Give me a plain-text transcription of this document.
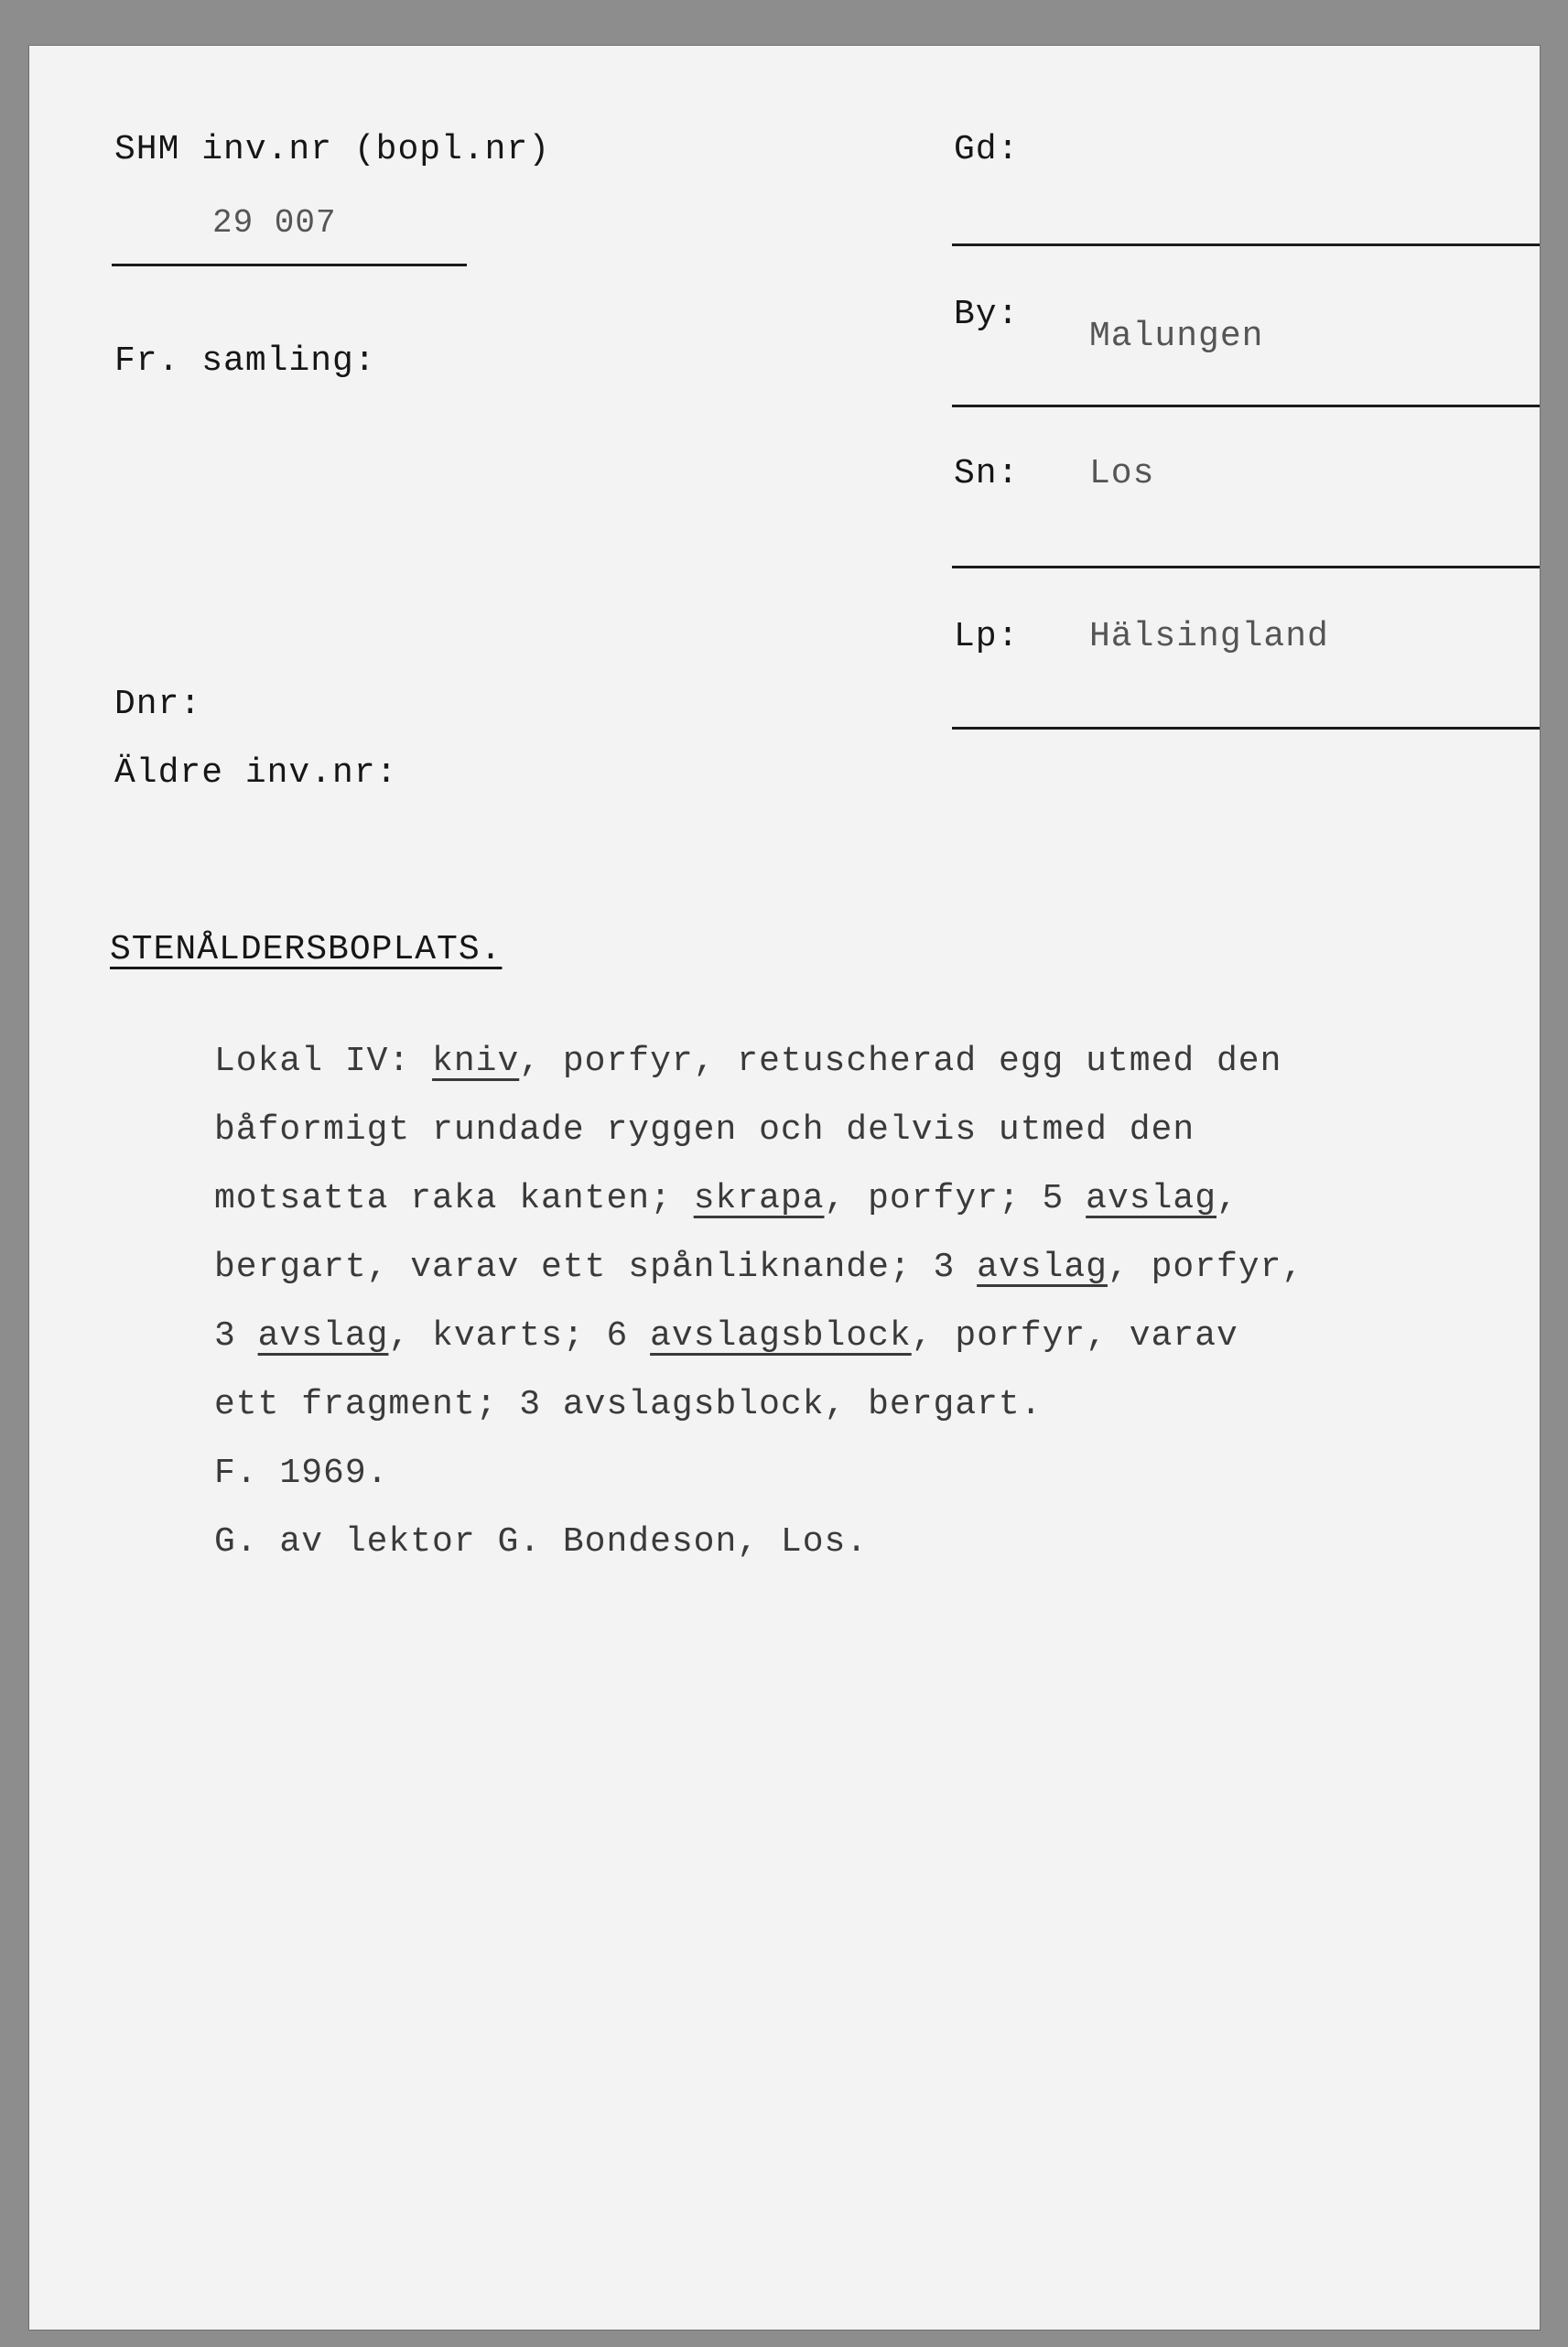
SHM inv.nr (bopl.nr)
29 007
Fr. samling:
Dnr:
Äldre inv.nr:
Gd:
By:
Malungen
Sn: Los
Lp: Hälsingland
STENÅLDERSBOPLATS.
Lokal IV: kniv, porfyr, retuscherad egg utmed den
båformigt rundade ryggen och delvis utmed den
motsatta raka kanten; skrapa, porfyr; 5 avslag,
bergart, varav ett spånliknande; 3 avslag, porfyr,
3 avslag, kvarts; 6 avslagsblock, porfyr, varav
ett fragment; 3 avslagsblock, bergart.
F. 1969.
G. av lektor G. Bondeson, Los.
